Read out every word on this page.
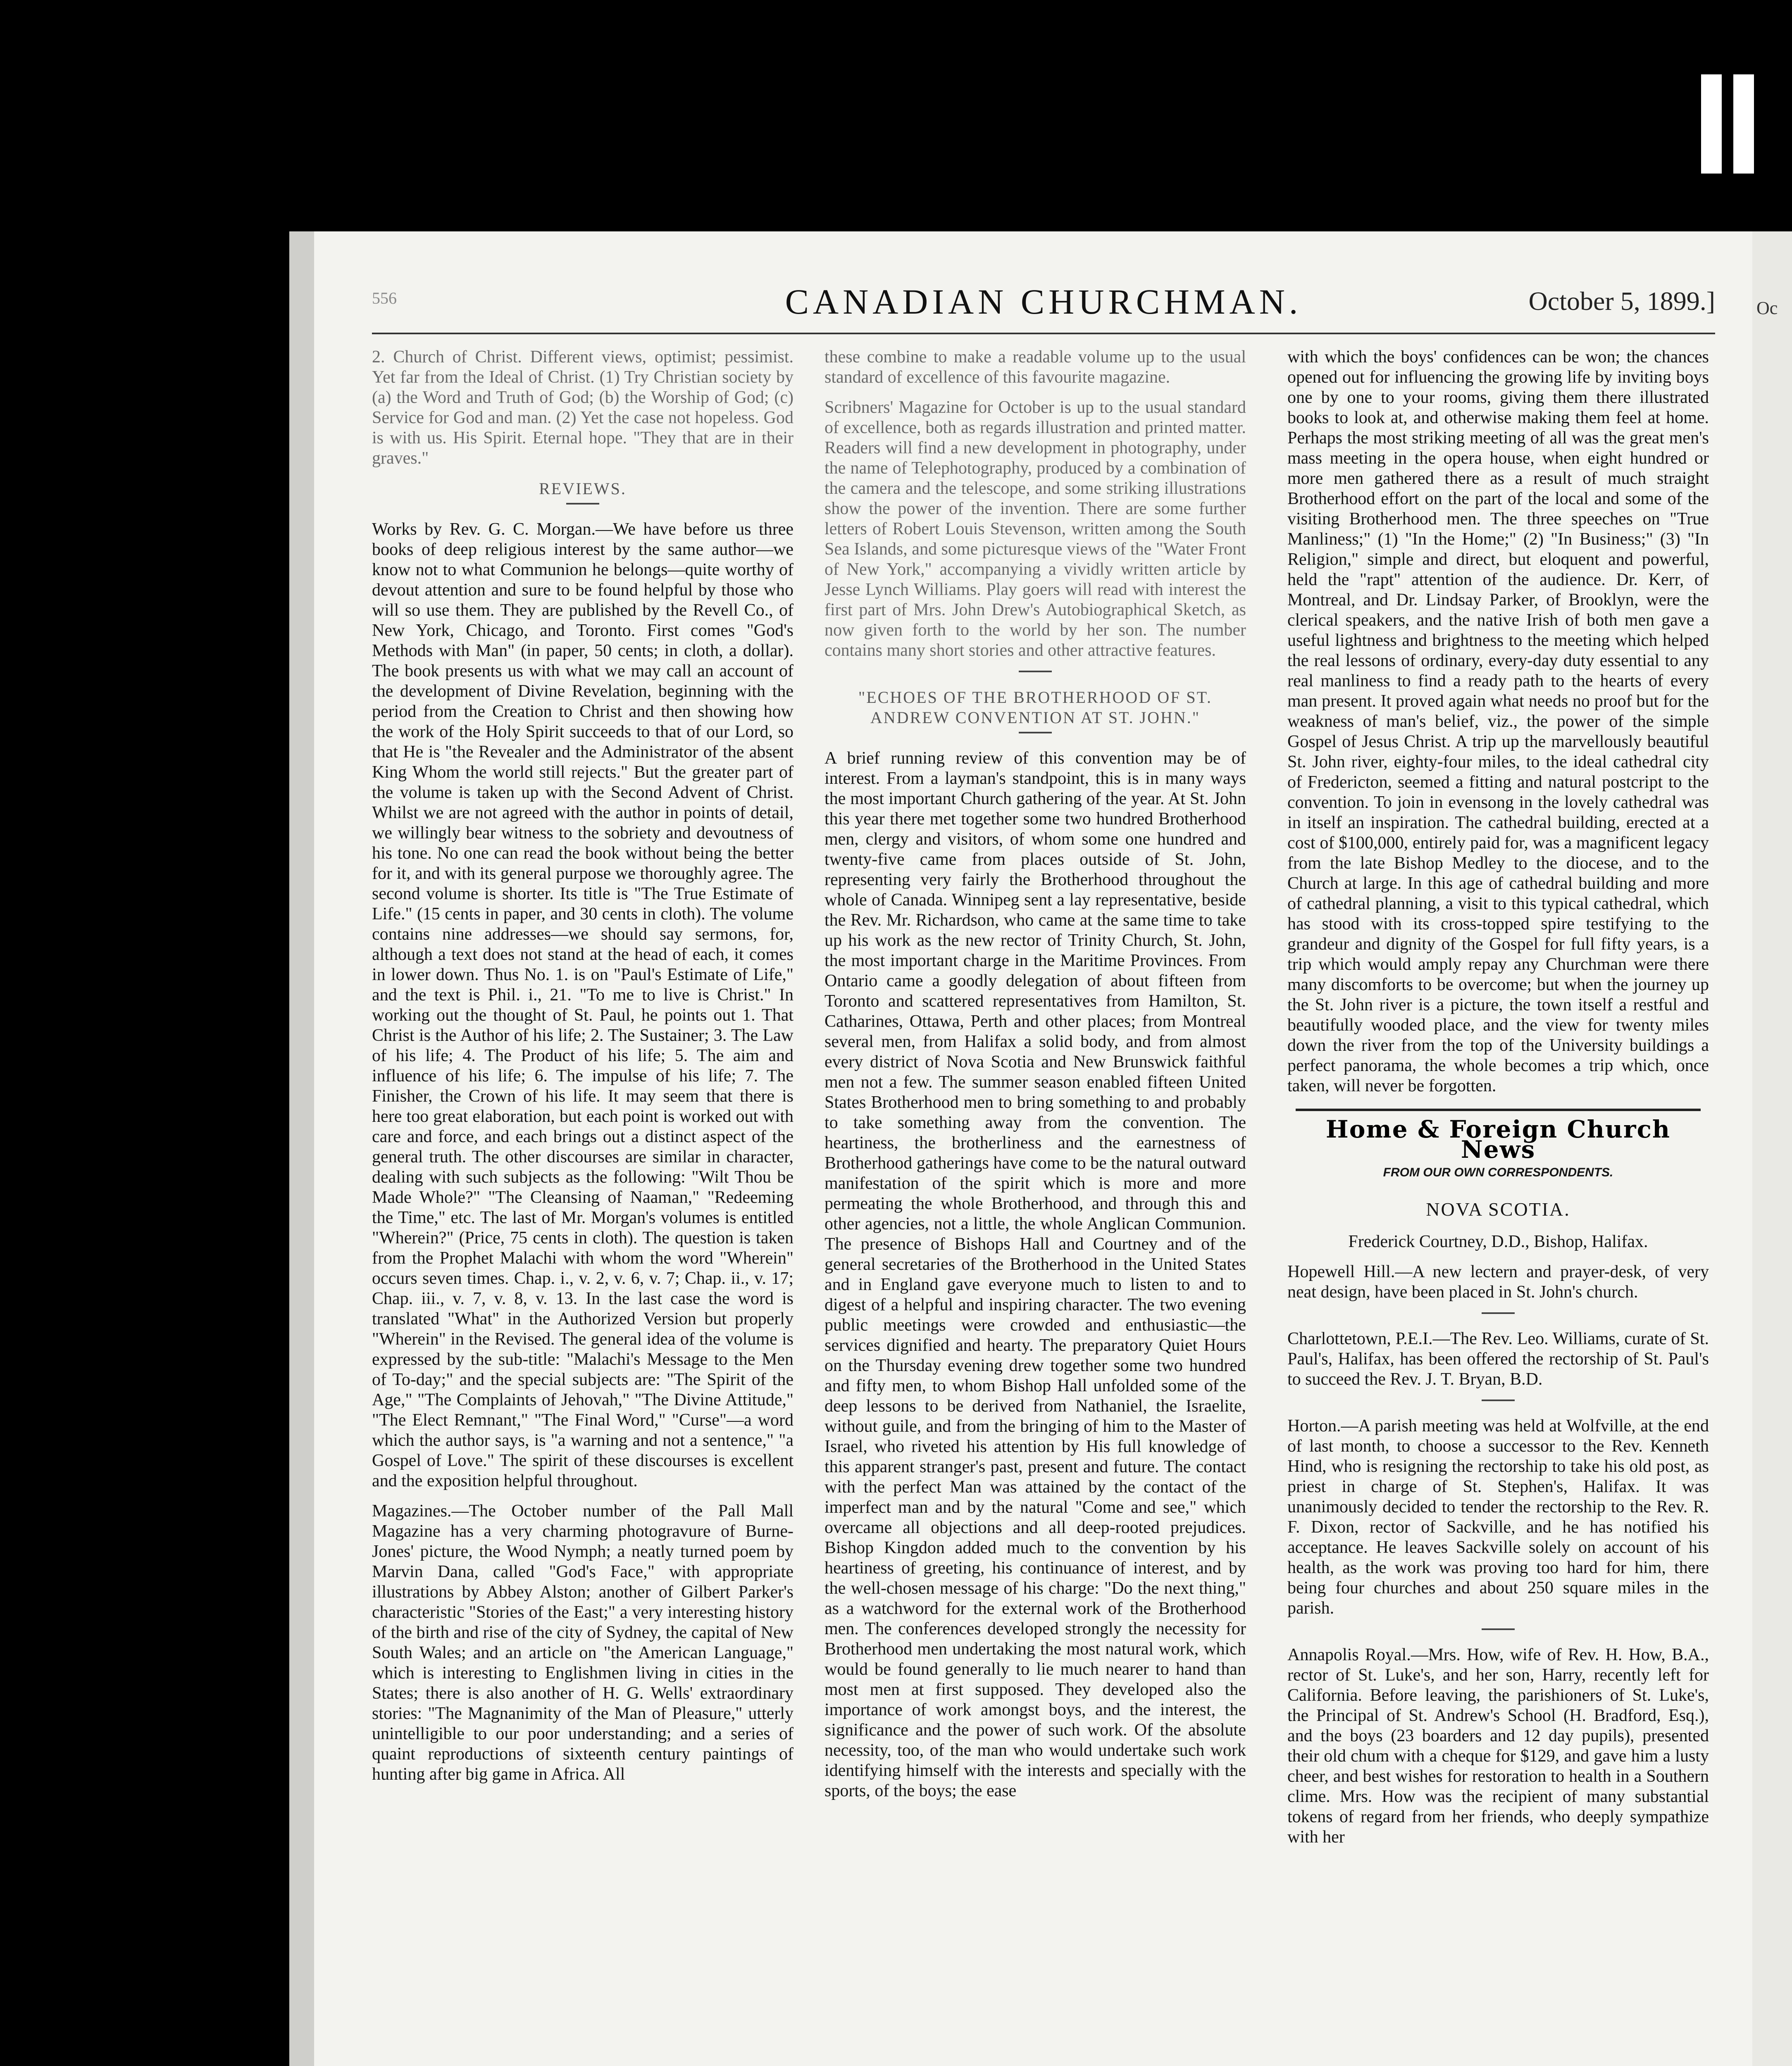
556	CANADIAN CHURCHMAN.	October 5, 1899.]

2. Church of Christ. Different views, optimist; pessimist. Yet far from the Ideal of Christ. (1) Try Christian society by (a) the Word and Truth of God; (b) the Worship of God; (c) Service for God and man. (2) Yet the case not hopeless. God is with us. His Spirit. Eternal hope. "They that are in their graves."

REVIEWS.

Works by Rev. G. C. Morgan.—We have before us three books of deep religious interest by the same author—we know not to what Communion he belongs—quite worthy of devout attention and sure to be found helpful by those who will so use them. They are published by the Revell Co., of New York, Chicago, and Toronto. First comes "God's Methods with Man" (in paper, 50 cents; in cloth, a dollar). The book presents us with what we may call an account of the development of Divine Revelation, beginning with the period from the Creation to Christ and then showing how the work of the Holy Spirit succeeds to that of our Lord, so that He is "the Revealer and the Administrator of the absent King Whom the world still rejects." But the greater part of the volume is taken up with the Second Advent of Christ. Whilst we are not agreed with the author in points of detail, we willingly bear witness to the sobriety and devoutness of his tone. No one can read the book without being the better for it, and with its general purpose we thoroughly agree. The second volume is shorter. Its title is "The True Estimate of Life." (15 cents in paper, and 30 cents in cloth). The volume contains nine addresses—we should say sermons, for, although a text does not stand at the head of each, it comes in lower down. Thus No. 1. is on "Paul's Estimate of Life," and the text is Phil. i., 21. "To me to live is Christ." In working out the thought of St. Paul, he points out 1. That Christ is the Author of his life; 2. The Sustainer; 3. The Law of his life; 4. The Product of his life; 5. The aim and influence of his life; 6. The impulse of his life; 7. The Finisher, the Crown of his life. It may seem that there is here too great elaboration, but each point is worked out with care and force, and each brings out a distinct aspect of the general truth. The other discourses are similar in character, dealing with such subjects as the following: "Wilt Thou be Made Whole?" "The Cleansing of Naaman," "Redeeming the Time," etc. The last of Mr. Morgan's volumes is entitled "Wherein?" (Price, 75 cents in cloth). The question is taken from the Prophet Malachi with whom the word "Wherein" occurs seven times. Chap. i., v. 2, v. 6, v. 7; Chap. ii., v. 17; Chap. iii., v. 7, v. 8, v. 13. In the last case the word is translated "What" in the Authorized Version but properly "Wherein" in the Revised. The general idea of the volume is expressed by the sub-title: "Malachi's Message to the Men of To-day;" and the special subjects are: "The Spirit of the Age," "The Complaints of Jehovah," "The Divine Attitude," "The Elect Remnant," "The Final Word," "Curse"—a word which the author says, is "a warning and not a sentence," "a Gospel of Love." The spirit of these discourses is excellent and the exposition helpful throughout.

Magazines.—The October number of the Pall Mall Magazine has a very charming photogravure of Burne-Jones' picture, the Wood Nymph; a neatly turned poem by Marvin Dana, called "God's Face," with appropriate illustrations by Abbey Alston; another of Gilbert Parker's characteristic "Stories of the East;" a very interesting history of the birth and rise of the city of Sydney, the capital of New South Wales; and an article on "the American Language," which is interesting to Englishmen living in cities in the States; there is also another of H. G. Wells' extraordinary stories: "The Magnanimity of the Man of Pleasure," utterly unintelligible to our poor understanding; and a series of quaint reproductions of sixteenth century paintings of hunting after big game in Africa. All

these combine to make a readable volume up to the usual standard of excellence of this favourite magazine.

Scribners' Magazine for October is up to the usual standard of excellence, both as regards illustration and printed matter. Readers will find a new development in photography, under the name of Telephotography, produced by a combination of the camera and the telescope, and some striking illustrations show the power of the invention. There are some further letters of Robert Louis Stevenson, written among the South Sea Islands, and some picturesque views of the "Water Front of New York," accompanying a vividly written article by Jesse Lynch Williams. Play goers will read with interest the first part of Mrs. John Drew's Autobiographical Sketch, as now given forth to the world by her son. The number contains many short stories and other attractive features.

"ECHOES OF THE BROTHERHOOD OF ST. ANDREW CONVENTION AT ST. JOHN."

A brief running review of this convention may be of interest. From a layman's standpoint, this is in many ways the most important Church gathering of the year. At St. John this year there met together some two hundred Brotherhood men, clergy and visitors, of whom some one hundred and twenty-five came from places outside of St. John, representing very fairly the Brotherhood throughout the whole of Canada. Winnipeg sent a lay representative, beside the Rev. Mr. Richardson, who came at the same time to take up his work as the new rector of Trinity Church, St. John, the most important charge in the Maritime Provinces. From Ontario came a goodly delegation of about fifteen from Toronto and scattered representatives from Hamilton, St. Catharines, Ottawa, Perth and other places; from Montreal several men, from Halifax a solid body, and from almost every district of Nova Scotia and New Brunswick faithful men not a few. The summer season enabled fifteen United States Brotherhood men to bring something to and probably to take something away from the convention. The heartiness, the brotherliness and the earnestness of Brotherhood gatherings have come to be the natural outward manifestation of the spirit which is more and more permeating the whole Brotherhood, and through this and other agencies, not a little, the whole Anglican Communion. The presence of Bishops Hall and Courtney and of the general secretaries of the Brotherhood in the United States and in England gave everyone much to listen to and to digest of a helpful and inspiring character. The two evening public meetings were crowded and enthusiastic—the services dignified and hearty. The preparatory Quiet Hours on the Thursday evening drew together some two hundred and fifty men, to whom Bishop Hall unfolded some of the deep lessons to be derived from Nathaniel, the Israelite, without guile, and from the bringing of him to the Master of Israel, who riveted his attention by His full knowledge of this apparent stranger's past, present and future. The contact with the perfect Man was attained by the contact of the imperfect man and by the natural "Come and see," which overcame all objections and all deep-rooted prejudices. Bishop Kingdon added much to the convention by his heartiness of greeting, his continuance of interest, and by the well-chosen message of his charge: "Do the next thing," as a watchword for the external work of the Brotherhood men. The conferences developed strongly the necessity for Brotherhood men undertaking the most natural work, which would be found generally to lie much nearer to hand than most men at first supposed. They developed also the importance of work amongst boys, and the interest, the significance and the power of such work. Of the absolute necessity, too, of the man who would undertake such work identifying himself with the interests and specially with the sports, of the boys; the ease

with which the boys' confidences can be won; the chances opened out for influencing the growing life by inviting boys one by one to your rooms, giving them there illustrated books to look at, and otherwise making them feel at home. Perhaps the most striking meeting of all was the great men's mass meeting in the opera house, when eight hundred or more men gathered there as a result of much straight Brotherhood effort on the part of the local and some of the visiting Brotherhood men. The three speeches on "True Manliness;" (1) "In the Home;" (2) "In Business;" (3) "In Religion," simple and direct, but eloquent and powerful, held the "rapt" attention of the audience. Dr. Kerr, of Montreal, and Dr. Lindsay Parker, of Brooklyn, were the clerical speakers, and the native Irish of both men gave a useful lightness and brightness to the meeting which helped the real lessons of ordinary, every-day duty essential to any real manliness to find a ready path to the hearts of every man present. It proved again what needs no proof but for the weakness of man's belief, viz., the power of the simple Gospel of Jesus Christ. A trip up the marvellously beautiful St. John river, eighty-four miles, to the ideal cathedral city of Fredericton, seemed a fitting and natural postcript to the convention. To join in evensong in the lovely cathedral was in itself an inspiration. The cathedral building, erected at a cost of $100,000, entirely paid for, was a magnificent legacy from the late Bishop Medley to the diocese, and to the Church at large. In this age of cathedral building and more of cathedral planning, a visit to this typical cathedral, which has stood with its cross-topped spire testifying to the grandeur and dignity of the Gospel for full fifty years, is a trip which would amply repay any Churchman were there many discomforts to be overcome; but when the journey up the St. John river is a picture, the town itself a restful and beautifully wooded place, and the view for twenty miles down the river from the top of the University buildings a perfect panorama, the whole becomes a trip which, once taken, will never be forgotten.

Home & Foreign Church News
FROM OUR OWN CORRESPONDENTS.
NOVA SCOTIA.

Frederick Courtney, D.D., Bishop, Halifax.

Hopewell Hill.—A new lectern and prayer-desk, of very neat design, have been placed in St. John's church.

Charlottetown, P.E.I.—The Rev. Leo. Williams, curate of St. Paul's, Halifax, has been offered the rectorship of St. Paul's to succeed the Rev. J. T. Bryan, B.D.

Horton.—A parish meeting was held at Wolfville, at the end of last month, to choose a successor to the Rev. Kenneth Hind, who is resigning the rectorship to take his old post, as priest in charge of St. Stephen's, Halifax. It was unanimously decided to tender the rectorship to the Rev. R. F. Dixon, rector of Sackville, and he has notified his acceptance. He leaves Sackville solely on account of his health, as the work was proving too hard for him, there being four churches and about 250 square miles in the parish.

Annapolis Royal.—Mrs. How, wife of Rev. H. How, B.A., rector of St. Luke's, and her son, Harry, recently left for California. Before leaving, the parishioners of St. Luke's, the Principal of St. Andrew's School (H. Bradford, Esq.), and the boys (23 boarders and 12 day pupils), presented their old chum with a cheque for $129, and gave him a lusty cheer, and best wishes for restoration to health in a Southern clime. Mrs. How was the recipient of many substantial tokens of regard from her friends, who deeply sympathize with her

Oc
